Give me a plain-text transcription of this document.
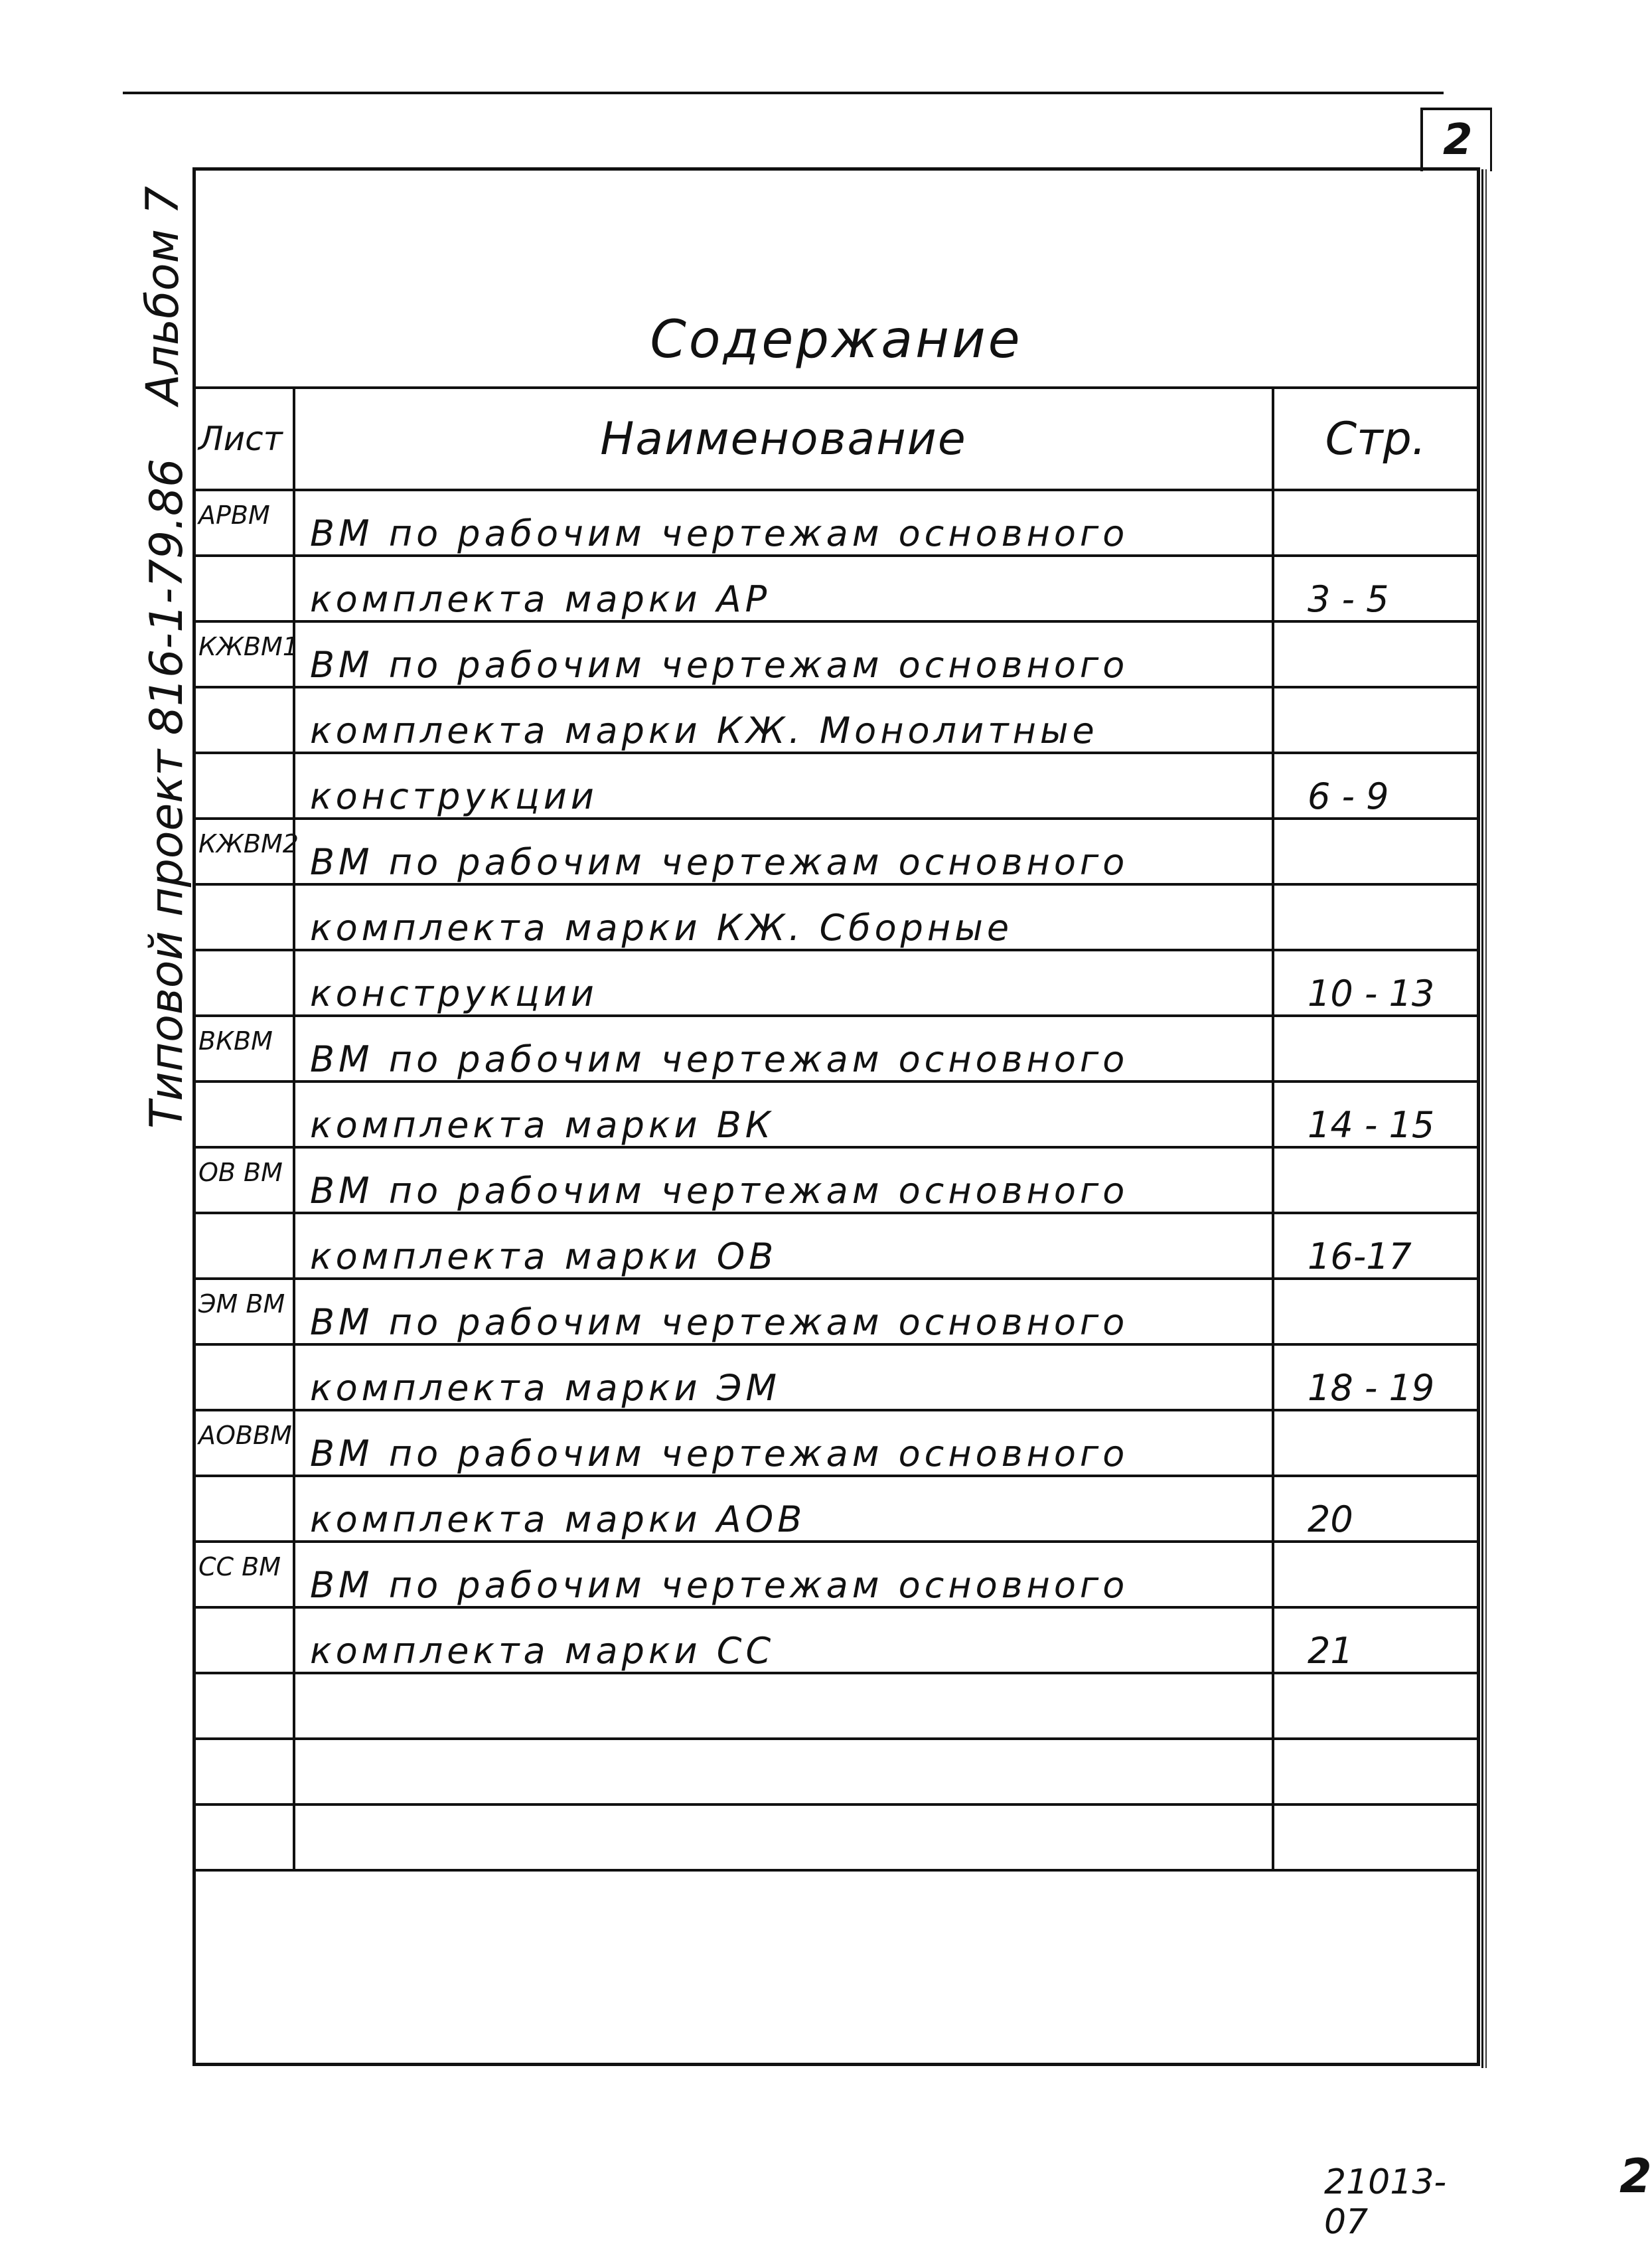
2
Альбом 7
Типовой проект 816-1-79.86
Содержание
Лист	Наименование	Стр.
АРВМ	ВМ по рабочим чертежам основного	
	комплекта марки АР	3 - 5
КЖВМ1	ВМ по рабочим чертежам основного	
	комплекта марки КЖ. Монолитные	
	конструкции	6 - 9
КЖВМ2	ВМ по рабочим чертежам основного	
	комплекта марки КЖ. Сборные	
	конструкции	10 - 13
ВКВМ	ВМ по рабочим чертежам основного	
	комплекта марки ВК	14 - 15
ОВ ВМ	ВМ по рабочим чертежам основного	
	комплекта марки ОВ	16-17
ЭМ ВМ	ВМ по рабочим чертежам основного	
	комплекта марки ЭМ	18 - 19
АОВВМ	ВМ по рабочим чертежам основного	
	комплекта марки АОВ	20
СС ВМ	ВМ по рабочим чертежам основного	
	комплекта марки СС	21

21013-07
2
